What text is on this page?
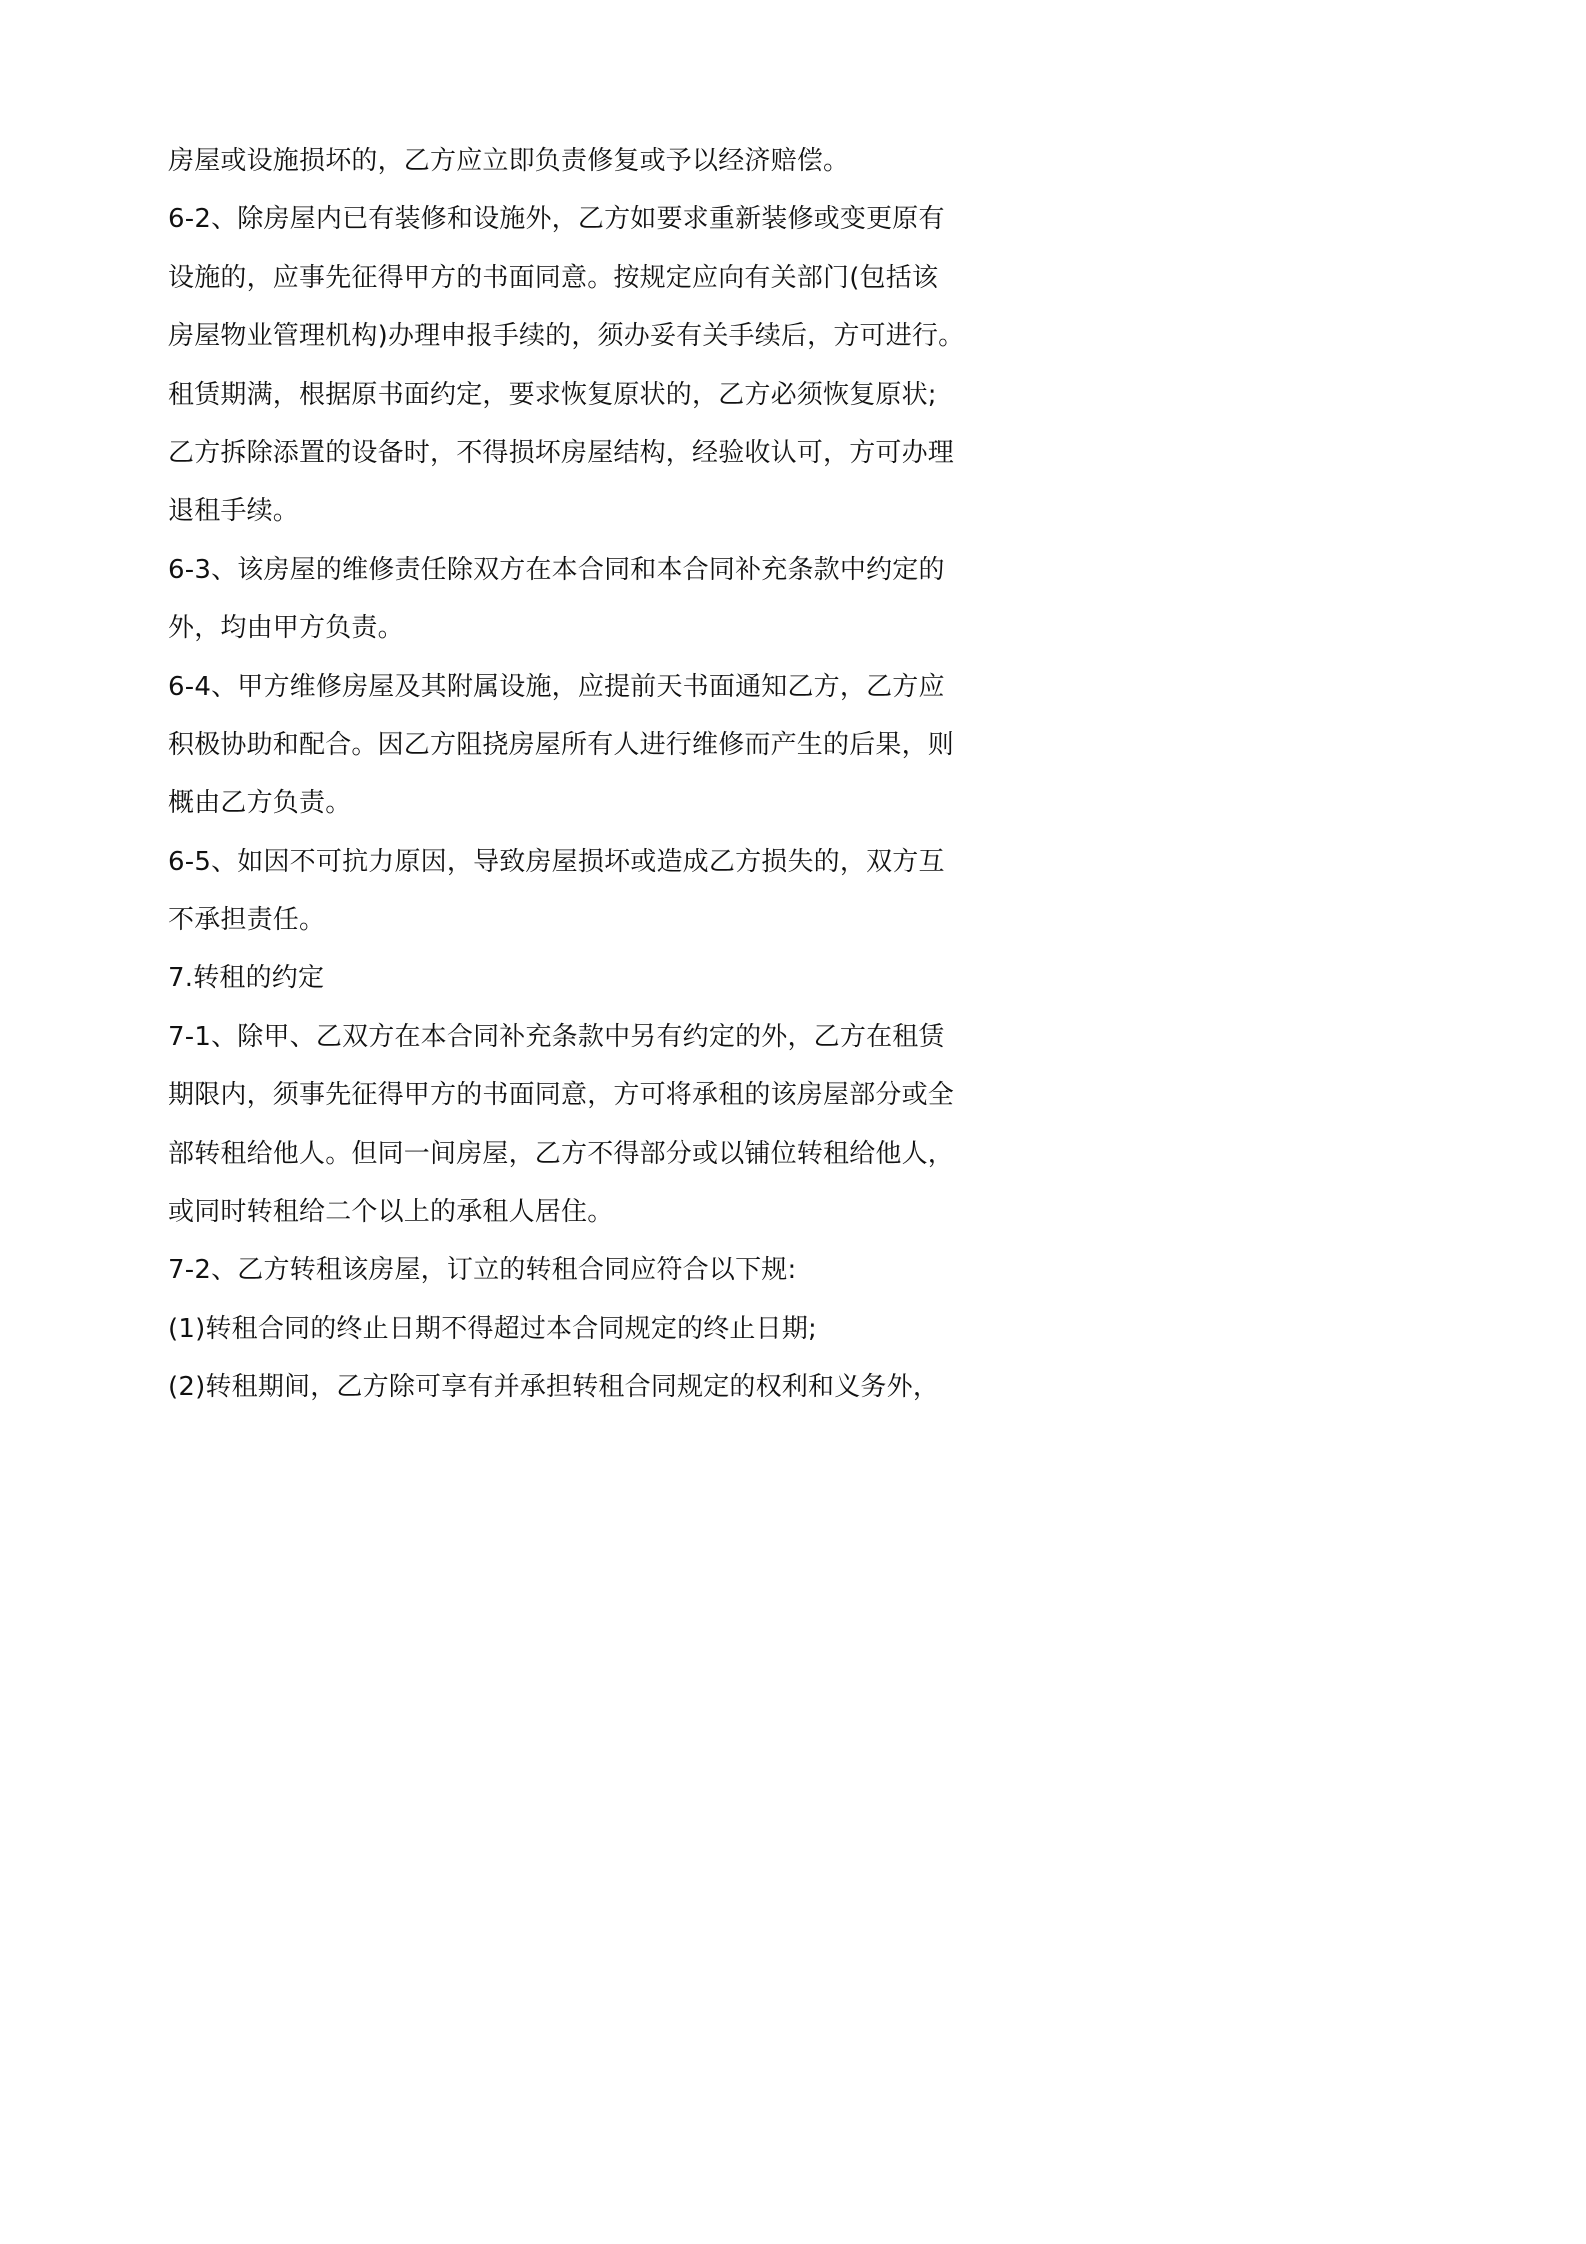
房屋或设施损坏的，乙方应立即负责修复或予以经济赔偿。
6-2、除房屋内已有装修和设施外，乙方如要求重新装修或变更原有
设施的，应事先征得甲方的书面同意。按规定应向有关部门(包括该
房屋物业管理机构)办理申报手续的，须办妥有关手续后，方可进行。
租赁期满，根据原书面约定，要求恢复原状的，乙方必须恢复原状;
乙方拆除添置的设备时，不得损坏房屋结构，经验收认可，方可办理
退租手续。
6-3、该房屋的维修责任除双方在本合同和本合同补充条款中约定的
外，均由甲方负责。
6-4、甲方维修房屋及其附属设施，应提前天书面通知乙方，乙方应
积极协助和配合。因乙方阻挠房屋所有人进行维修而产生的后果，则
概由乙方负责。
6-5、如因不可抗力原因，导致房屋损坏或造成乙方损失的，双方互
不承担责任。
7.转租的约定
7-1、除甲、乙双方在本合同补充条款中另有约定的外，乙方在租赁
期限内，须事先征得甲方的书面同意，方可将承租的该房屋部分或全
部转租给他人。但同一间房屋，乙方不得部分或以铺位转租给他人，
或同时转租给二个以上的承租人居住。
7-2、乙方转租该房屋，订立的转租合同应符合以下规:
(1)转租合同的终止日期不得超过本合同规定的终止日期;
(2)转租期间，乙方除可享有并承担转租合同规定的权利和义务外，
